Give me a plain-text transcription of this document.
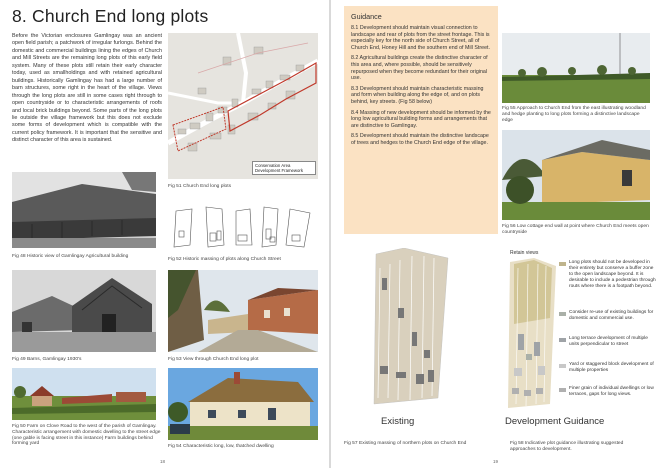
8. Church End long plots
Before the Victorian enclosures Gamlingay was an ancient open field parish; a patchwork of irregular furlongs. Behind the domestic and commercial buildings lining the edges of Church and Mill Streets are the remaining long plots of this early field system. Many of these plots still retain their early character today, used as smallholdings and with retained agricultural buildings. Historically Gamlingay has had a large number of barn structures, some right in the heart of the village. Views through the long plots are still in some cases right through to open countryside or to characteristic arrangements of roofs and local brick buildings beyond. Some parts of the long plots lie outside the village framework but this does not exclude some forms of development which is compatible with the current policy framework. It is important that the sensitive and distinct character of this area is sustained.
Conservation Area
Development Framework
Fig 51 Church End long plots
Fig 52 Historic massing of plots along Church Street
Fig 48 Historic view of Gamlingay Agricultural building
Fig 49 Barns, Gamlingay 1930's	Fig 53 View through Church End long plot
Fig 50 Farm on Clove Road to the west of the parish of Gamlingay. Characteristic arrangement with domestic dwelling to the street edge (one gable is facing street in this instance) Farm buildings behind forming yard
Fig 54 Characteristic long, low, thatched dwelling
18
Guidance
8.1 Development should maintain visual connection to landscape and rear of plots from the street frontage. This is especially key for the north side of Church Street, all of Church End, Honey Hill and the southern end of Mill Street.
8.2 Agricultural buildings create the distinctive character of this area and, where possible, should be sensitively repurposed when they become redundant for their original use.
8.3 Development should maintain characteristic massing and form when building along the edge of, and on plots behind, key streets. (Fig 58 below)
8.4 Massing of new development should be informed by the long low agricultural building forms and arrangements that are distinctive to Gamlingay.
8.5 Development should maintain the distinctive landscape of trees and hedges to the Church End edge of the village.
Fig 55 Approach to Church End from the east illustrating woodland and hedge planting to long plots forming a distinctive landscape edge
Fig 56 Low cottage end wall at point where Church End meets open countryside
Existing
Fig 57 Existing massing of northern plots on Church End
Retain views
Development Guidance
Fig 58 Indicative plot guidance illustrating suggested approaches to development.
Long plots should not be developed in their entirety but conserve a buffer zone to the open landscape beyond. It is desirable to include a pedestrian through routs where there is a footpath beyond.
Consider re-use of existing buildings for domestic and commercial use.
Long terrace development of multiple units perpendicular to street
Yard or staggered block development of multiple properties
Finer grain of individual dwellings or low terraces, gaps for long views.
19
